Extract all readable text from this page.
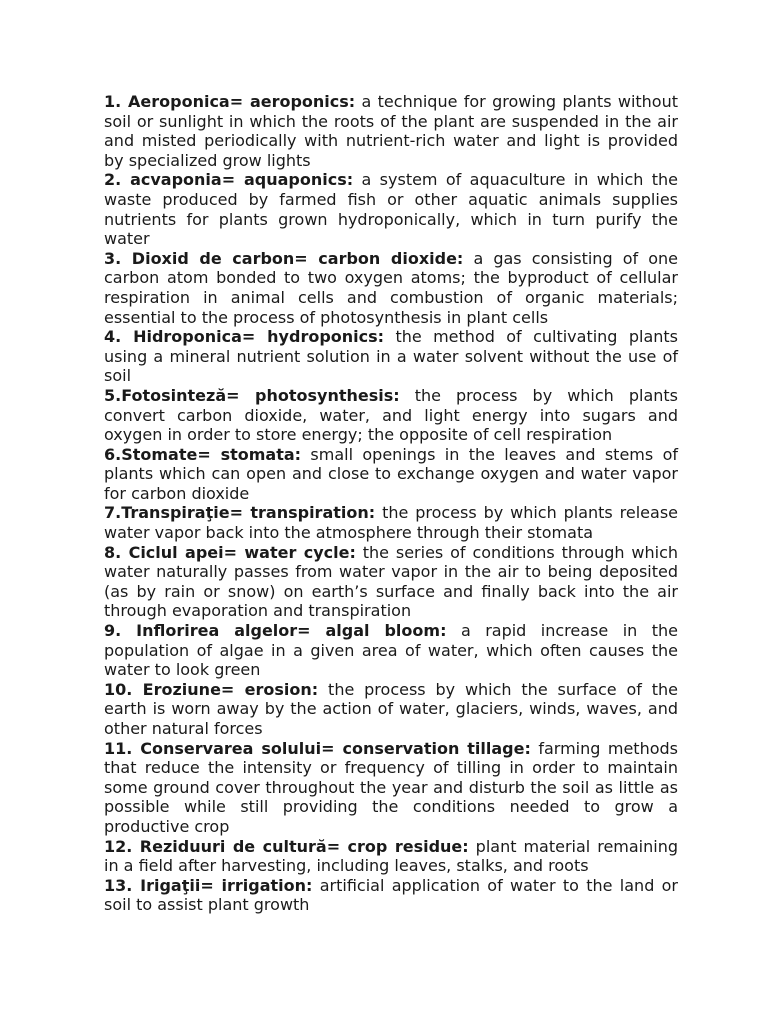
1. Aeroponica= aeroponics: a technique for growing plants without soil or sunlight in which the roots of the plant are suspended in the air and misted periodically with nutrient-rich water and light is provided by specialized grow lights

2. acvaponia= aquaponics: a system of aquaculture in which the waste produced by farmed fish or other aquatic animals supplies nutrients for plants grown hydroponically, which in turn purify the water

3. Dioxid de carbon= carbon dioxide: a gas consisting of one carbon atom bonded to two oxygen atoms; the byproduct of cellular respiration in animal cells and combustion of organic materials; essential to the process of photosynthesis in plant cells

4. Hidroponica= hydroponics: the method of cultivating plants using a mineral nutrient solution in a water solvent without the use of soil

5.Fotosinteză= photosynthesis: the process by which plants convert carbon dioxide, water, and light energy into sugars and oxygen in order to store energy; the opposite of cell respiration

6.Stomate= stomata: small openings in the leaves and stems of plants which can open and close to exchange oxygen and water vapor for carbon dioxide

7.Transpiraţie= transpiration: the process by which plants release water vapor back into the atmosphere through their stomata

8. Ciclul apei= water cycle: the series of conditions through which water naturally passes from water vapor in the air to being deposited (as by rain or snow) on earth’s surface and finally back into the air through evaporation and transpiration

9. Inflorirea algelor= algal bloom: a rapid increase in the population of algae in a given area of water, which often causes the water to look green

10. Eroziune= erosion: the process by which the surface of the earth is worn away by the action of water, glaciers, winds, waves, and other natural forces

11. Conservarea solului= conservation tillage: farming methods that reduce the intensity or frequency of tilling in order to maintain some ground cover throughout the year and disturb the soil as little as possible while still providing the conditions needed to grow a productive crop

12. Reziduuri de cultură= crop residue: plant material remaining in a field after harvesting, including leaves, stalks, and roots

13. Irigaţii= irrigation: artificial application of water to the land or soil to assist plant growth
